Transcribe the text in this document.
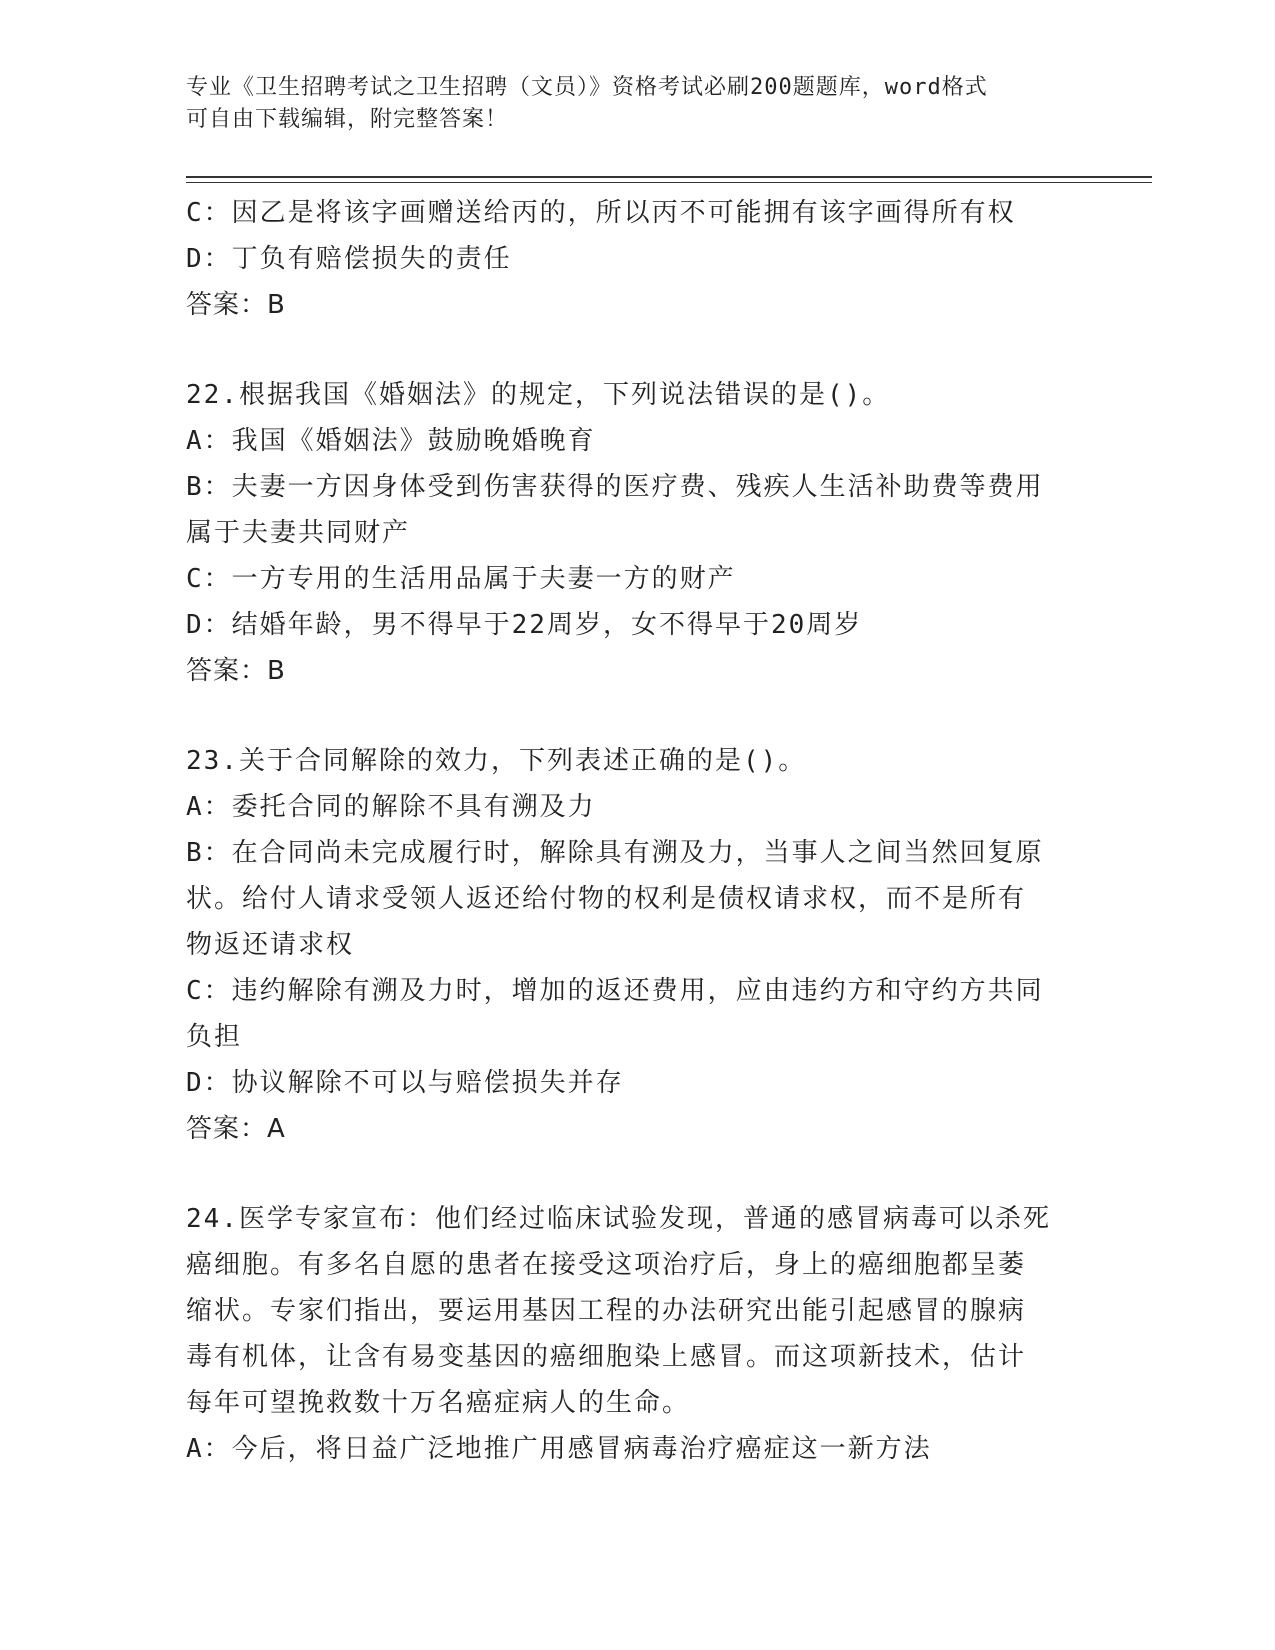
专业《卫生招聘考试之卫生招聘（文员）》资格考试必刷200题题库，word格式
可自由下载编辑，附完整答案！

C：因乙是将该字画赠送给丙的，所以丙不可能拥有该字画得所有权

D：丁负有赔偿损失的责任

答案：B

22.根据我国《婚姻法》的规定，下列说法错误的是()。

A：我国《婚姻法》鼓励晚婚晚育

B：夫妻一方因身体受到伤害获得的医疗费、残疾人生活补助费等费用

属于夫妻共同财产

C：一方专用的生活用品属于夫妻一方的财产

D：结婚年龄，男不得早于22周岁，女不得早于20周岁

答案：B

23.关于合同解除的效力，下列表述正确的是()。

A：委托合同的解除不具有溯及力

B：在合同尚未完成履行时，解除具有溯及力，当事人之间当然回复原

状。给付人请求受领人返还给付物的权利是债权请求权，而不是所有

物返还请求权

C：违约解除有溯及力时，增加的返还费用，应由违约方和守约方共同

负担

D：协议解除不可以与赔偿损失并存

答案：A

24.医学专家宣布：他们经过临床试验发现，普通的感冒病毒可以杀死

癌细胞。有多名自愿的患者在接受这项治疗后，身上的癌细胞都呈萎

缩状。专家们指出，要运用基因工程的办法研究出能引起感冒的腺病

毒有机体，让含有易变基因的癌细胞染上感冒。而这项新技术，估计

每年可望挽救数十万名癌症病人的生命。

A：今后，将日益广泛地推广用感冒病毒治疗癌症这一新方法
